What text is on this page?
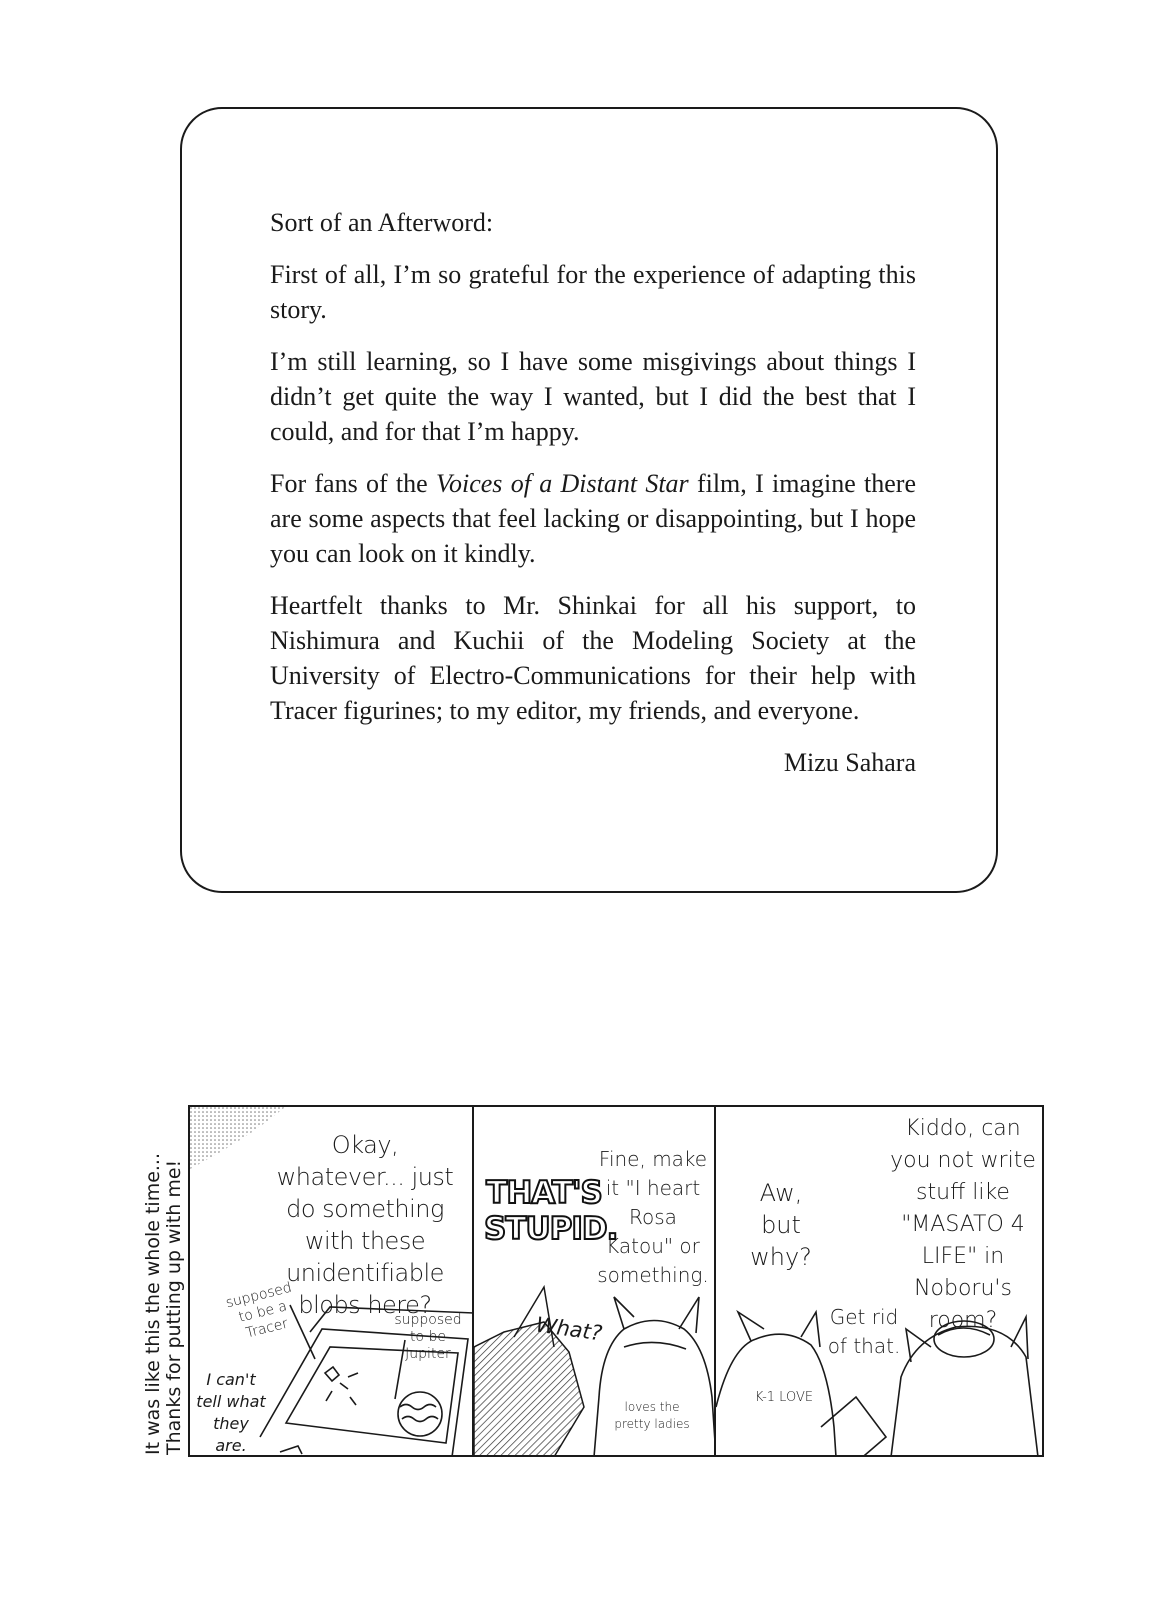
Sort of an Afterword:

First of all, I’m so grateful for the experience of adapting this story.

I’m still learning, so I have some misgivings about things I didn’t get quite the way I wanted, but I did the best that I could, and for that I’m happy.

For fans of the Voices of a Distant Star film, I imagine there are some aspects that feel lacking or disappointing, but I hope you can look on it kindly.

Heartfelt thanks to Mr. Shinkai for all his support, to Nishimura and Kuchii of the Modeling Society at the University of Electro-Communications for their help with Tracer figurines; to my editor, my friends, and everyone.

Mizu Sahara

It was like this the whole time... Thanks for putting up with me!
Okay, whatever... just do something with these unidentifiable blobs here?
supposed to be a Tracer	supposed to be Jupiter
I can't tell what they are.
THAT'S STUPID.
Fine, make it "I heart Rosa Katou" or something.
What?
loves the pretty ladies
Aw, but why?
Kiddo, can you not write stuff like "MASATO 4 LIFE" in Noboru's room?
Get rid of that.
K-1 LOVE
